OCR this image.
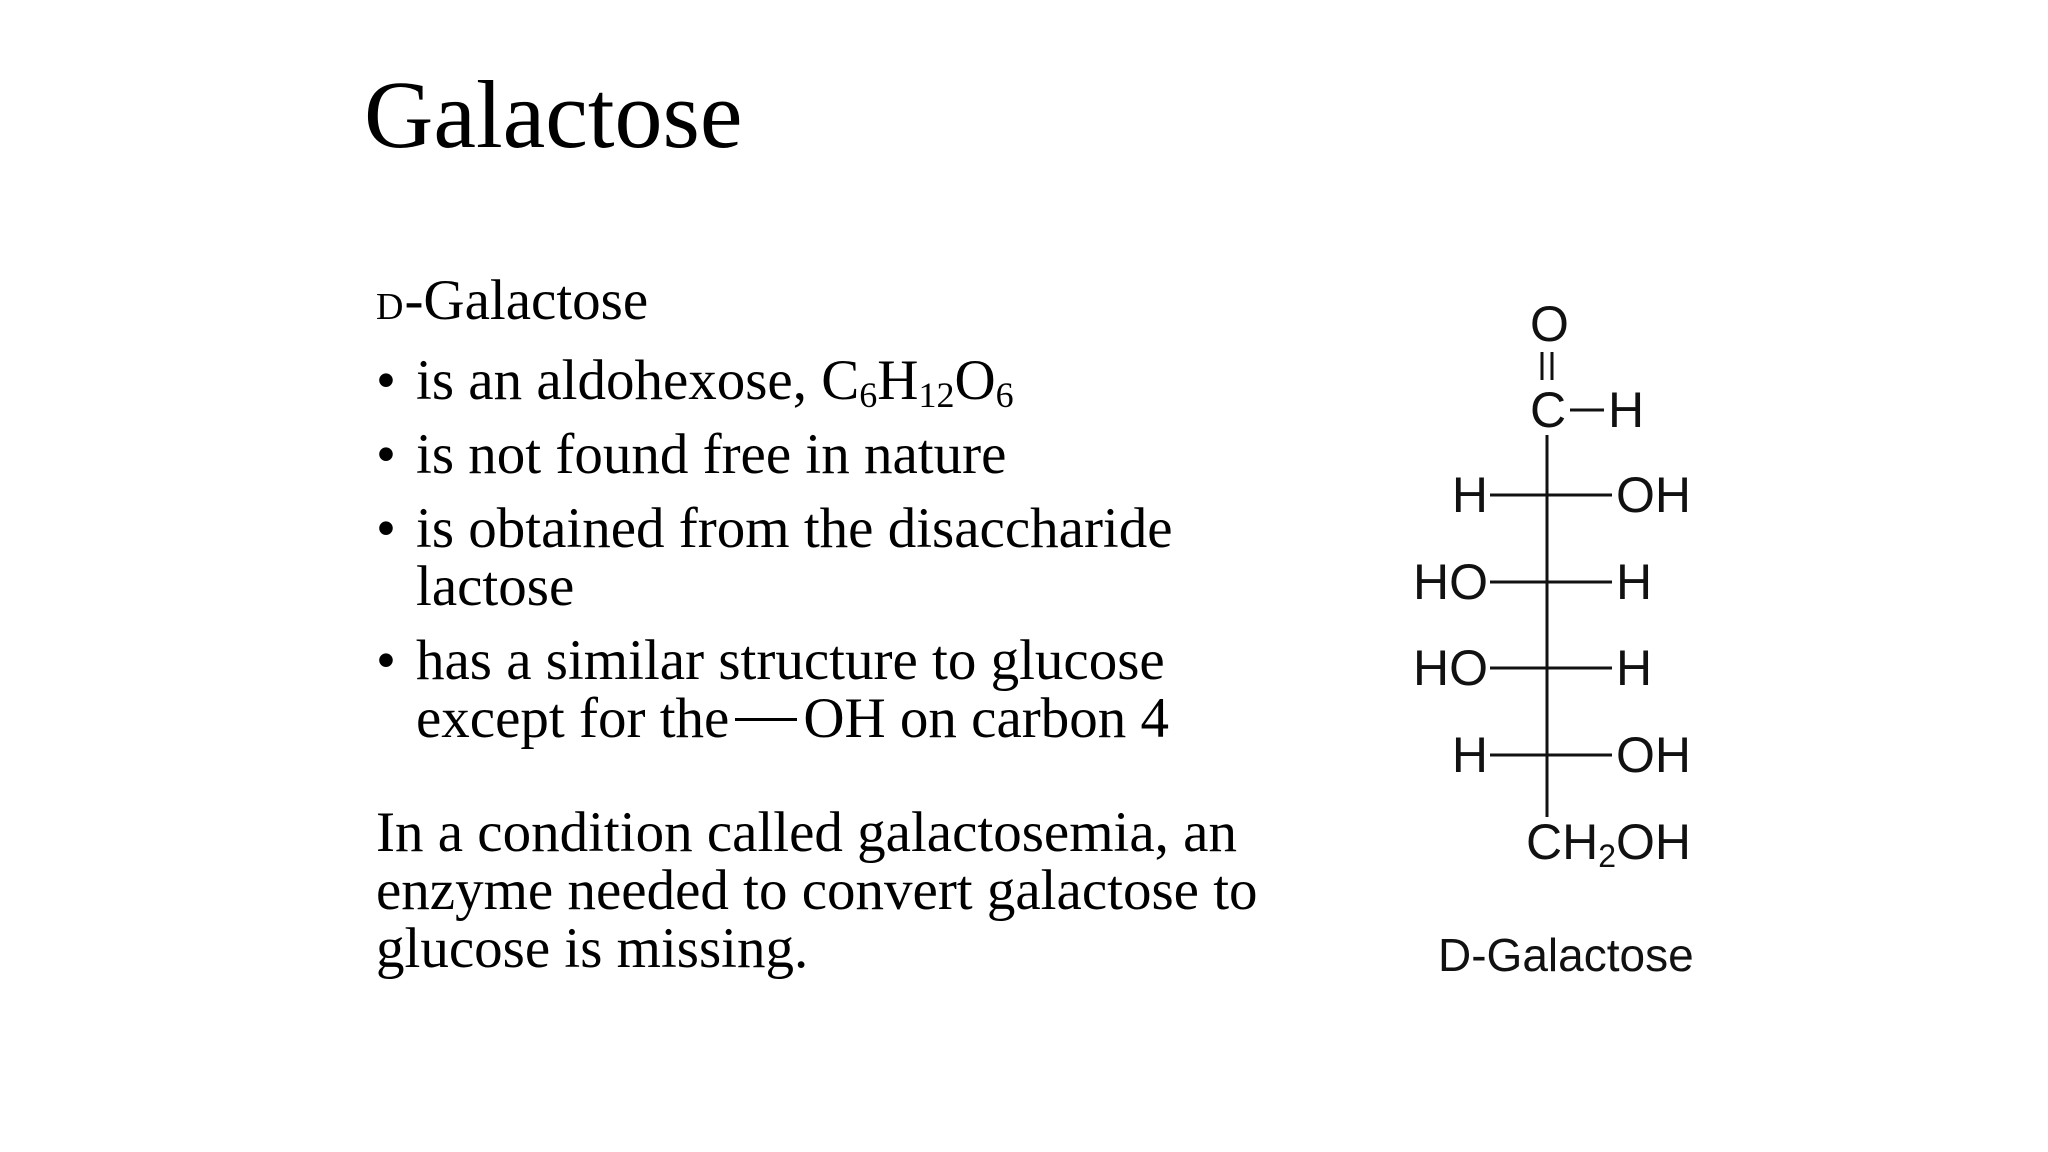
Galactose
D-Galactose
• is an aldohexose, $C_6H_{12}O_6$
• is not found free in nature
• is obtained from the disaccharide
lactose
• has a similar structure to glucose
except for the OH on carbon 4
In a condition called galactosemia, an
enzyme needed to convert galactose to
glucose is missing.
O
C H
H	OH
HO	H
HO	H
H	OH
$CH_2OH$
D-Galactose
